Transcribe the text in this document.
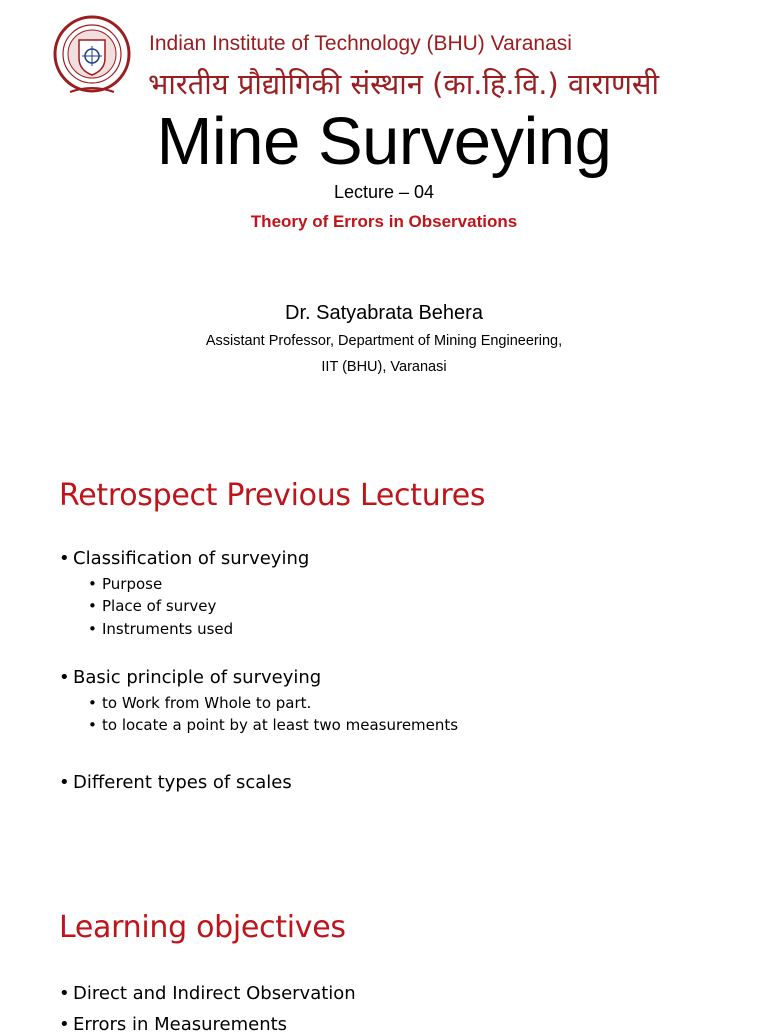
Indian Institute of Technology (BHU) Varanasi
भारतीय प्रौद्योगिकी संस्थान (का.हि.वि.) वाराणसी
Mine Surveying
Lecture – 04
Theory of Errors in Observations
Dr. Satyabrata Behera
Assistant Professor, Department of Mining Engineering,
IIT (BHU), Varanasi
Retrospect Previous Lectures
• Classification of surveying
• Purpose
• Place of survey
• Instruments used
• Basic principle of surveying
• to Work from Whole to part.
• to locate a point by at least two measurements
• Different types of scales
Learning objectives
• Direct and Indirect Observation
• Errors in Measurements
